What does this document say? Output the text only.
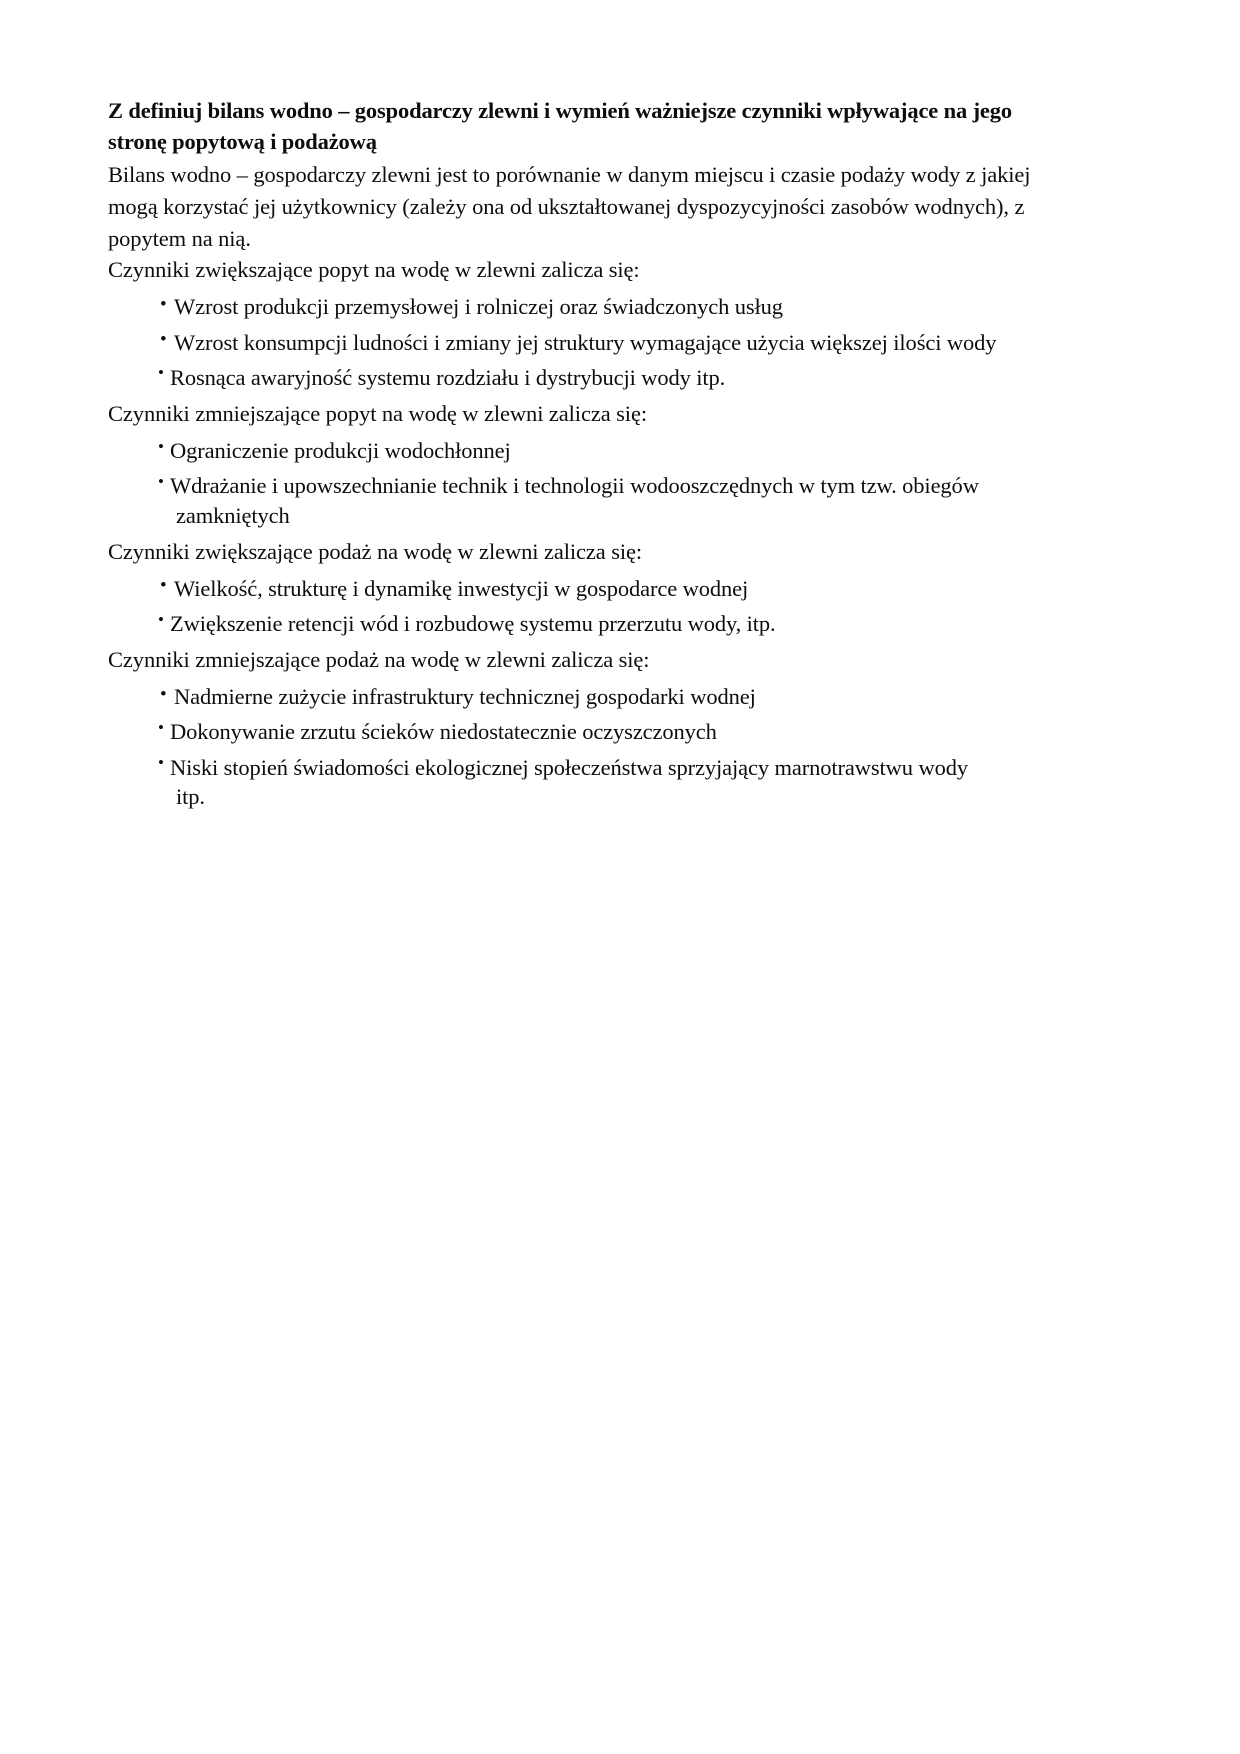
Z definiuj bilans wodno – gospodarczy zlewni i wymień ważniejsze czynniki wpływające na jego stronę popytową i podażową

Bilans wodno – gospodarczy zlewni jest to porównanie w danym miejscu i czasie podaży wody z jakiej mogą korzystać jej użytkownicy (zależy ona od ukształtowanej dyspozycyjności zasobów wodnych), z popytem na nią.

Czynniki zwiększające popyt na wodę w zlewni zalicza się:

• Wzrost produkcji przemysłowej i rolniczej oraz świadczonych usług
• Wzrost konsumpcji ludności i zmiany jej struktury wymagające użycia większej ilości wody
• Rosnąca awaryjność systemu rozdziału i dystrybucji wody itp.

Czynniki zmniejszające popyt na wodę w zlewni zalicza się:

• Ograniczenie produkcji wodochłonnej
• Wdrażanie i upowszechnianie technik i technologii wodooszczędnych w tym tzw. obiegów
zamkniętych

Czynniki zwiększające podaż na wodę w zlewni zalicza się:

• Wielkość, strukturę i dynamikę inwestycji w gospodarce wodnej
• Zwiększenie retencji wód i rozbudowę systemu przerzutu wody, itp.

Czynniki zmniejszające podaż na wodę w zlewni zalicza się:

• Nadmierne zużycie infrastruktury technicznej gospodarki wodnej
• Dokonywanie zrzutu ścieków niedostatecznie oczyszczonych
• Niski stopień świadomości ekologicznej społeczeństwa sprzyjający marnotrawstwu wody
itp.
